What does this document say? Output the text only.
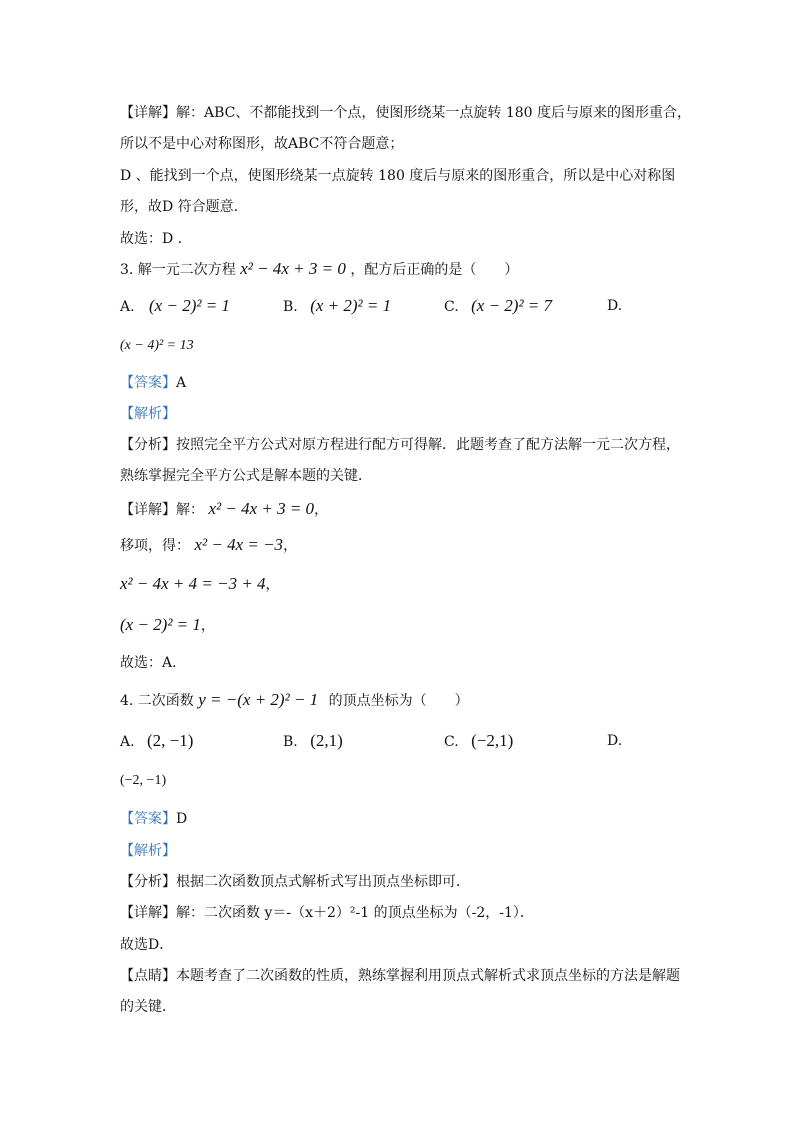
【详解】解：ABC、不都能找到一个点，使图形绕某一点旋转 180 度后与原来的图形重合，
所以不是中心对称图形，故ABC不符合题意；
D 、能找到一个点，使图形绕某一点旋转 180 度后与原来的图形重合，所以是中心对称图
形，故D 符合题意.
故选：D .
3. 解一元二次方程 x² − 4x + 3 = 0 ，配方后正确的是（　　）
A. (x − 2)² = 1	B. (x + 2)² = 1	C. (x − 2)² = 7	D.
(x − 4)² = 13
【答案】A
【解析】
【分析】按照完全平方公式对原方程进行配方可得解．此题考查了配方法解一元二次方程，
熟练掌握完全平方公式是解本题的关键．
【详解】解： x² − 4x + 3 = 0，
移项，得： x² − 4x = −3，
x² − 4x + 4 = −3 + 4，
(x − 2)² = 1，
故选：A．
4. 二次函数 y = −(x + 2)² − 1 的顶点坐标为（　　）
A. (2, −1)	B. (2,1)	C. (−2,1)	D.
(−2, −1)
【答案】D
【解析】
【分析】根据二次函数顶点式解析式写出顶点坐标即可．
【详解】解：二次函数 y＝-（x＋2）²-1 的顶点坐标为（-2，-1）．
故选D．
【点睛】本题考查了二次函数的性质，熟练掌握利用顶点式解析式求顶点坐标的方法是解题
的关键．
